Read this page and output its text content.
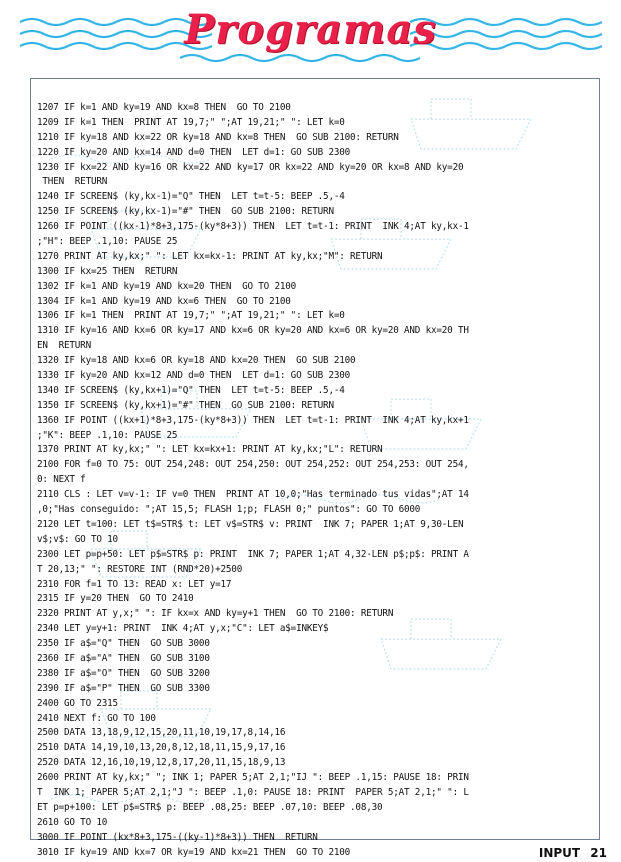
Programas
1207 IF k=1 AND ky=19 AND kx=8 THEN  GO TO 2100
1209 IF k=1 THEN  PRINT AT 19,7;" ";AT 19,21;" ": LET k=0
1210 IF ky=18 AND kx=22 OR ky=18 AND kx=8 THEN  GO SUB 2100: RETURN
1220 IF ky=20 AND kx=14 AND d=0 THEN  LET d=1: GO SUB 2300
1230 IF kx=22 AND ky=16 OR kx=22 AND ky=17 OR kx=22 AND ky=20 OR kx=8 AND ky=20
THEN  RETURN
1240 IF SCREEN$ (ky,kx-1)="Q" THEN  LET t=t-5: BEEP .5,-4
1250 IF SCREEN$ (ky,kx-1)="#" THEN  GO SUB 2100: RETURN
1260 IF POINT ((kx-1)*8+3,175-(ky*8+3)) THEN  LET t=t-1: PRINT  INK 4;AT ky,kx-1
;"H": BEEP .1,10: PAUSE 25
1270 PRINT AT ky,kx;" ": LET kx=kx-1: PRINT AT ky,kx;"M": RETURN
1300 IF kx=25 THEN  RETURN
1302 IF k=1 AND ky=19 AND kx=20 THEN  GO TO 2100
1304 IF k=1 AND ky=19 AND kx=6 THEN  GO TO 2100
1306 IF k=1 THEN  PRINT AT 19,7;" ";AT 19,21;" ": LET k=0
1310 IF ky=16 AND kx=6 OR ky=17 AND kx=6 OR ky=20 AND kx=6 OR ky=20 AND kx=20 TH
EN  RETURN
1320 IF ky=18 AND kx=6 OR ky=18 AND kx=20 THEN  GO SUB 2100
1330 IF ky=20 AND kx=12 AND d=0 THEN  LET d=1: GO SUB 2300
1340 IF SCREEN$ (ky,kx+1)="Q" THEN  LET t=t-5: BEEP .5,-4
1350 IF SCREEN$ (ky,kx+1)="#" THEN  GO SUB 2100: RETURN
1360 IF POINT ((kx+1)*8+3,175-(ky*8+3)) THEN  LET t=t-1: PRINT  INK 4;AT ky,kx+1
;"K": BEEP .1,10: PAUSE 25
1370 PRINT AT ky,kx;" ": LET kx=kx+1: PRINT AT ky,kx;"L": RETURN
2100 FOR f=0 TO 75: OUT 254,248: OUT 254,250: OUT 254,252: OUT 254,253: OUT 254,
0: NEXT f
2110 CLS : LET v=v-1: IF v=0 THEN  PRINT AT 10,0;"Has terminado tus vidas";AT 14
,0;"Has conseguido: ";AT 15,5; FLASH 1;p; FLASH 0;" puntos": GO TO 6000
2120 LET t=100: LET t$=STR$ t: LET v$=STR$ v: PRINT  INK 7; PAPER 1;AT 9,30-LEN
v$;v$: GO TO 10
2300 LET p=p+50: LET p$=STR$ p: PRINT  INK 7; PAPER 1;AT 4,32-LEN p$;p$: PRINT A
T 20,13;" ": RESTORE INT (RND*20)+2500
2310 FOR f=1 TO 13: READ x: LET y=17
2315 IF y=20 THEN  GO TO 2410
2320 PRINT AT y,x;" ": IF kx=x AND ky=y+1 THEN  GO TO 2100: RETURN
2340 LET y=y+1: PRINT  INK 4;AT y,x;"C": LET a$=INKEY$
2350 IF a$="Q" THEN  GO SUB 3000
2360 IF a$="A" THEN  GO SUB 3100
2380 IF a$="O" THEN  GO SUB 3200
2390 IF a$="P" THEN  GO SUB 3300
2400 GO TO 2315
2410 NEXT f: GO TO 100
2500 DATA 13,18,9,12,15,20,11,10,19,17,8,14,16
2510 DATA 14,19,10,13,20,8,12,18,11,15,9,17,16
2520 DATA 12,16,10,19,12,8,17,20,11,15,18,9,13
2600 PRINT AT ky,kx;" "; INK 1; PAPER 5;AT 2,1;"IJ ": BEEP .1,15: PAUSE 18: PRIN
T  INK 1; PAPER 5;AT 2,1;"J ": BEEP .1,0: PAUSE 18: PRINT  PAPER 5;AT 2,1;" ": L
ET p=p+100: LET p$=STR$ p: BEEP .08,25: BEEP .07,10: BEEP .08,30
2610 GO TO 10
3000 IF POINT (kx*8+3,175-((ky-1)*8+3)) THEN  RETURN
3010 IF ky=19 AND kx=7 OR ky=19 AND kx=21 THEN  GO TO 2100	INPUT 21
